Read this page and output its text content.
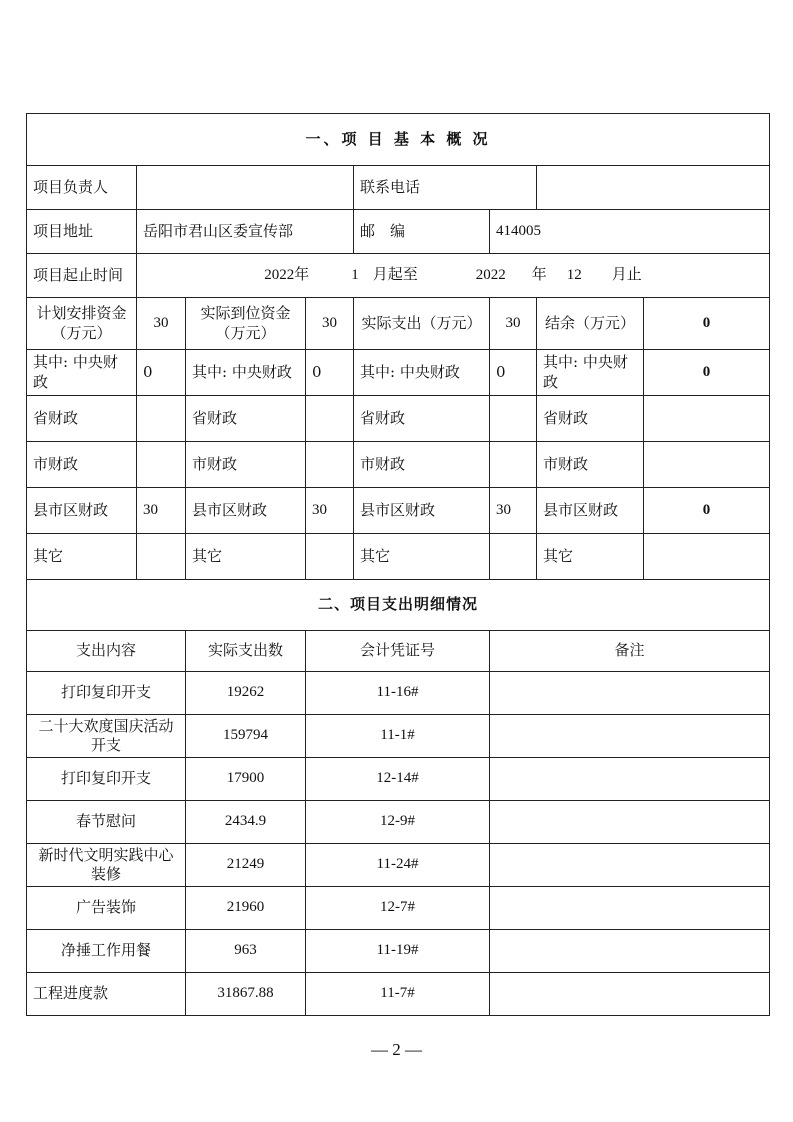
一、项 目 基 本 概 况							
项目负责人				联系电话			
项目地址	岳阳市君山区委宣传部			邮　编	414005		
项目起止时间	2022年 1 月起至 2022 年 12 月止						
计划安排资金（万元）	30	实际到位资金（万元）	30	实际支出（万元）	30	结余（万元）	0
其中: 中央财政	0	其中: 中央财政	0	其中: 中央财政	0	其中: 中央财政	0
省财政		省财政		省财政		省财政	
市财政		市财政		市财政		市财政	
县市区财政	30	县市区财政	30	县市区财政	30	县市区财政	0
其它		其它		其它		其它	
二、项目支出明细情况							
支出内容		实际支出数	会计凭证号		备注		
打印复印开支		19262	11-16#				
二十大欢度国庆活动开支		159794	11-1#				
打印复印开支		17900	12-14#				
春节慰问		2434.9	12-9#				
新时代文明实践中心装修		21249	11-24#				
广告装饰		21960	12-7#				
净捶工作用餐		963	11-19#				
工程进度款		31867.88	11-7#				
— 2 —
